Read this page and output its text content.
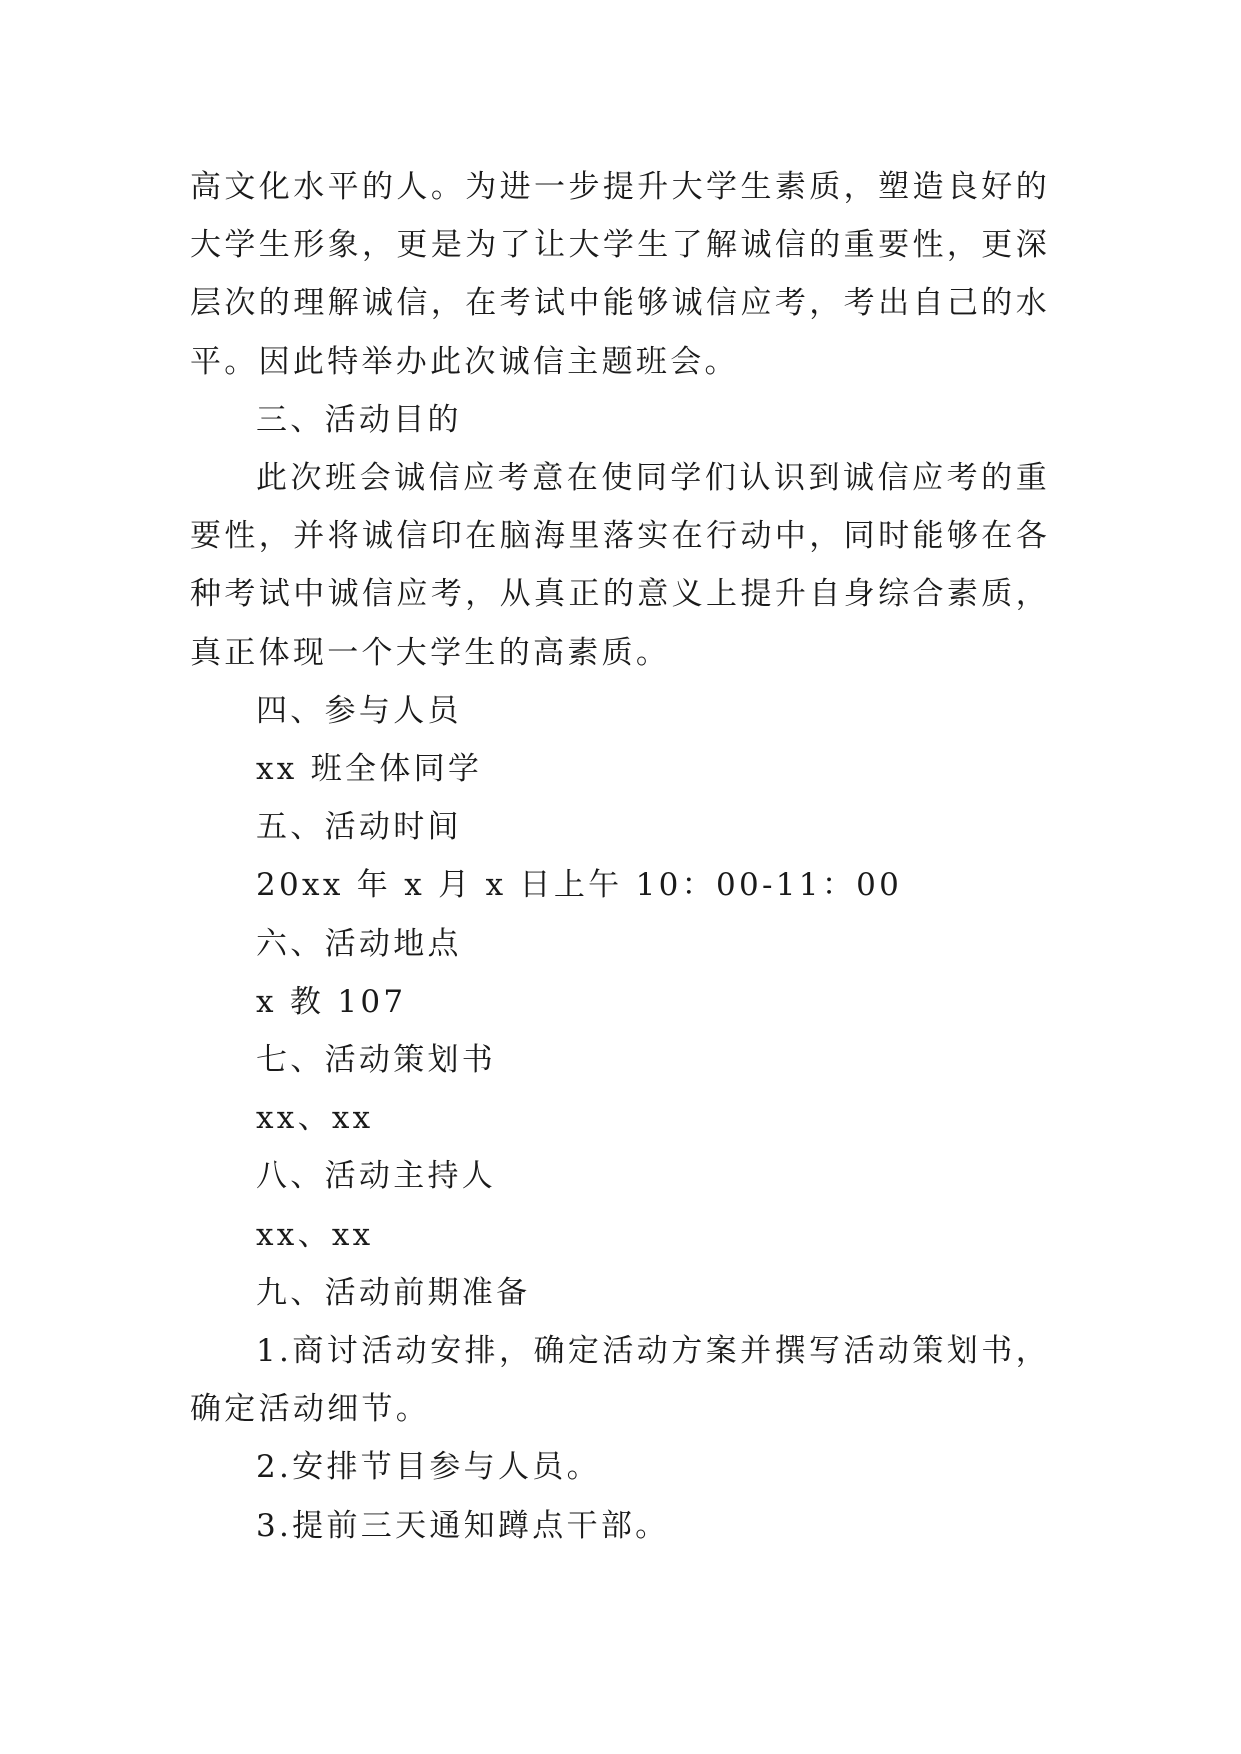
高文化水平的人。为进一步提升大学生素质，塑造良好的大学生形象，更是为了让大学生了解诚信的重要性，更深层次的理解诚信，在考试中能够诚信应考，考出自己的水平。因此特举办此次诚信主题班会。

三、活动目的

此次班会诚信应考意在使同学们认识到诚信应考的重要性，并将诚信印在脑海里落实在行动中，同时能够在各种考试中诚信应考，从真正的意义上提升自身综合素质，真正体现一个大学生的高素质。

四、参与人员

xx 班全体同学

五、活动时间

20xx 年 x 月 x 日上午 10：00-11：00

六、活动地点

x 教 107

七、活动策划书

xx、xx

八、活动主持人

xx、xx

九、活动前期准备

1.商讨活动安排，确定活动方案并撰写活动策划书，确定活动细节。

2.安排节目参与人员。

3.提前三天通知蹲点干部。
